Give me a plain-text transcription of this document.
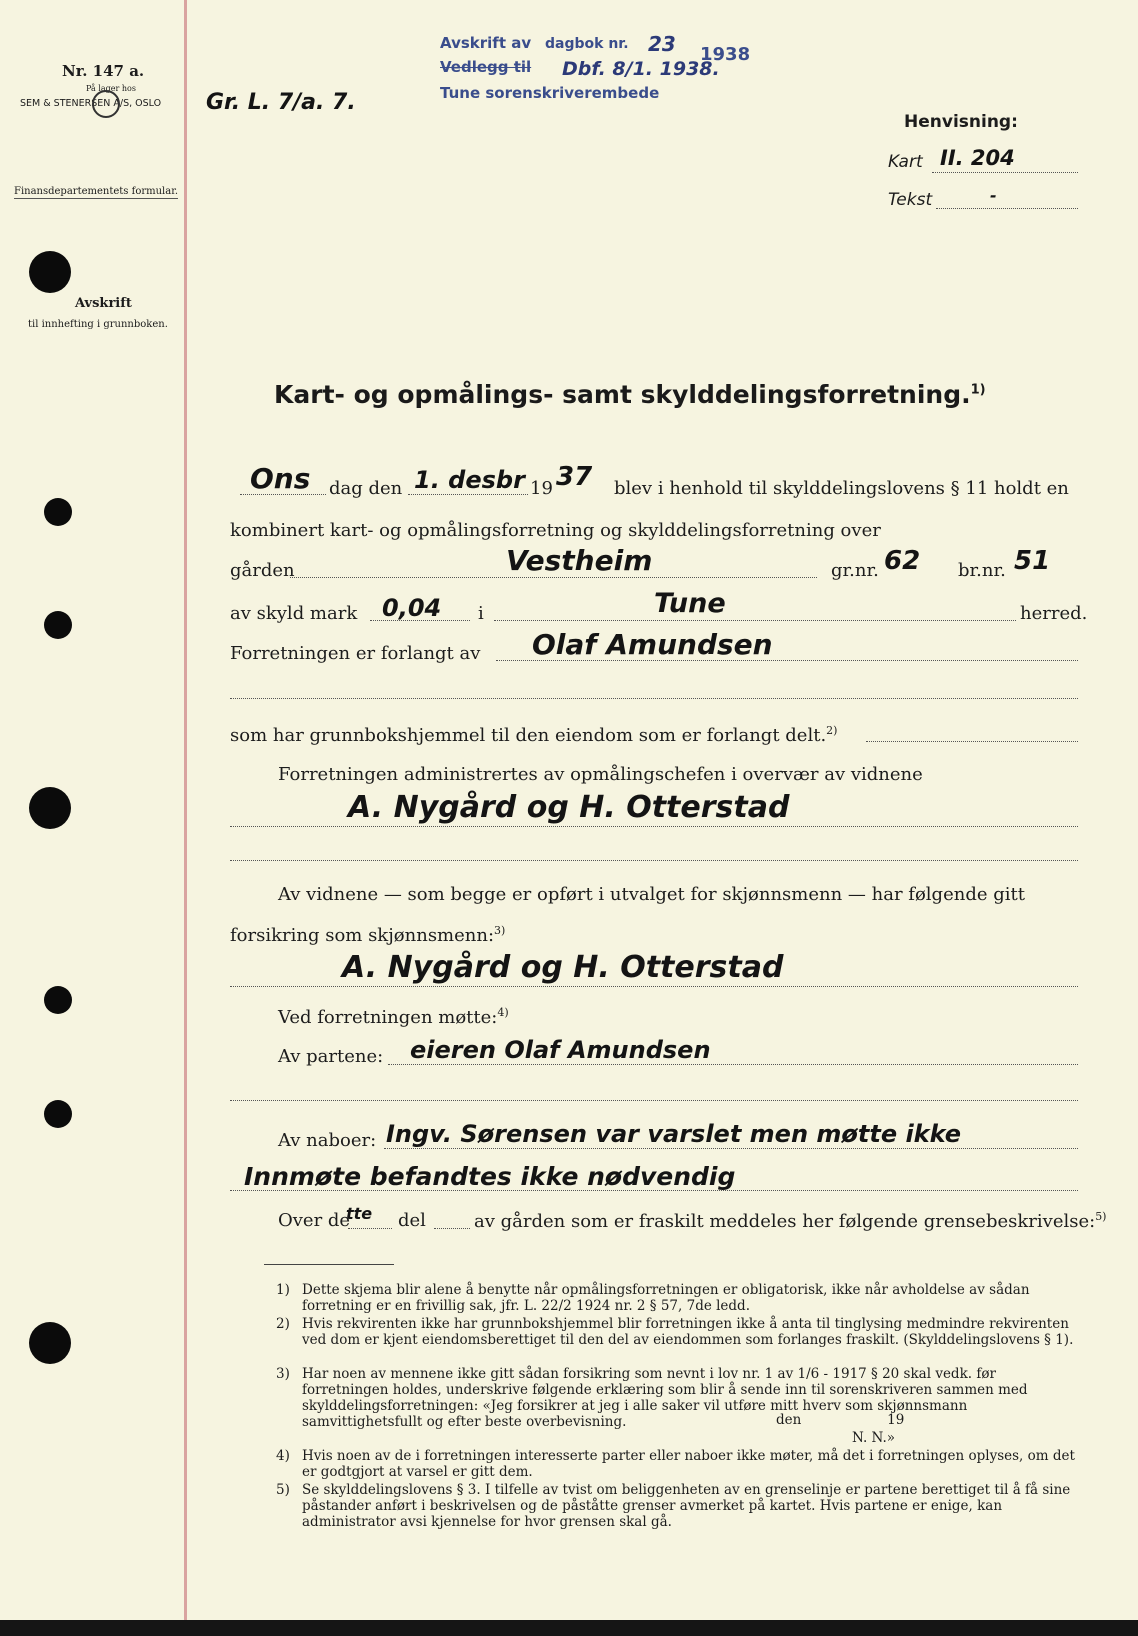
Nr. 147 a.
På lager hos
SEM & STENERSEN A/S, OSLO
Finansdepartementets formular.
Avskrift
til innhefting i grunnboken.
Gr. L. 7/a. 7.
Avskrift av
Vedlegg til
dagbok nr. 23 1938
Dbf. 8/1. 1938.
Tune sorenskriverembede
Henvisning:
Kart II. 204
Tekst	-
Kart- og opmålings- samt skylddelingsforretning.$^{1)}$
Ons dag den 1. desbr 19 37 blev i henhold til skylddelingslovens § 11 holdt en
kombinert kart- og opmålingsforretning og skylddelingsforretning over
gården	Vestheim	gr.nr. 62 br.nr. 51
av skyld mark 0,04 i	Tune	herred.
Forretningen er forlangt av Olaf Amundsen
som har grunnbokshjemmel til den eiendom som er forlangt delt.$^{2)}$
Forretningen administrertes av opmålingschefen i overvær av vidnene
A. Nygård og H. Otterstad
Av vidnene — som begge er opført i utvalget for skjønnsmenn — har følgende gitt
forsikring som skjønnsmenn:$^{3)}$
A. Nygård og H. Otterstad
Ved forretningen møtte:$^{4)}$
Av partene: eieren Olaf Amundsen
Av naboer: Ingv. Sørensen var varslet men møtte ikke
Innmøte befandtes ikke nødvendig
Over de
tte del	av gården som er fraskilt meddeles her følgende grensebeskrivelse:$^{5)}$
1) Dette skjema blir alene å benytte når opmålingsforretningen er obligatorisk, ikke når avholdelse av sådan forretning er en frivillig sak, jfr. L. 22/2 1924 nr. 2 § 57, 7de ledd.
2) Hvis rekvirenten ikke har grunnbokshjemmel blir forretningen ikke å anta til tinglysing medmindre rekvirenten ved dom er kjent eiendomsberettiget til den del av eiendommen som forlanges fraskilt. (Skylddelingslovens § 1).
3) Har noen av mennene ikke gitt sådan forsikring som nevnt i lov nr. 1 av 1/6 - 1917 § 20 skal vedk. før forretningen holdes, underskrive følgende erklæring som blir å sende inn til sorenskriveren sammen med skylddelingsforretningen: «Jeg forsikrer at jeg i alle saker vil utføre mitt hverv som skjønnsmann samvittighetsfullt og efter beste overbevisning.	den                    19
N. N.»
4) Hvis noen av de i forretningen interesserte parter eller naboer ikke møter, må det i forretningen oplyses, om det er godtgjort at varsel er gitt dem.
5) Se skylddelingslovens § 3. I tilfelle av tvist om beliggenheten av en grenselinje er partene berettiget til å få sine påstander anført i beskrivelsen og de påståtte grenser avmerket på kartet. Hvis partene er enige, kan administrator avsi kjennelse for hvor grensen skal gå.
